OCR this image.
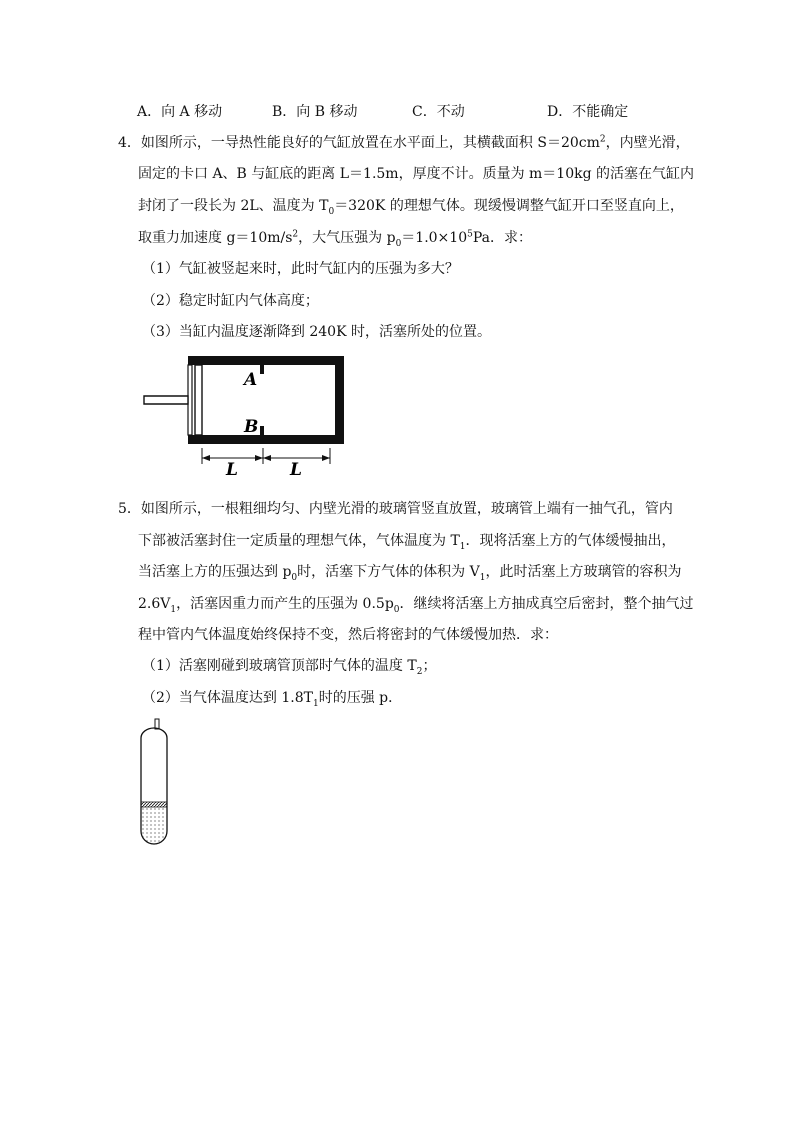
A．向 A 移动	B．向 B 移动	C．不动	D．不能确定
4．如图所示，一导热性能良好的气缸放置在水平面上，其横截面积 $S=20cm^2$，内壁光滑，
固定的卡口 A、B 与缸底的距离 L＝1.5m，厚度不计。质量为 m＝10kg 的活塞在气缸内
封闭了一段长为 2L、温度为 $T_0=320K$ 的理想气体。现缓慢调整气缸开口至竖直向上，
取重力加速度 $g=10m/s^2$，大气压强为 $p_0=1.0\times 10^5Pa$．求：
（1）气缸被竖起来时，此时气缸内的压强为多大？
（2）稳定时缸内气体高度；
（3）当缸内温度逐渐降到 240K 时，活塞所处的位置。
A
B
L	L
5．如图所示，一根粗细均匀、内壁光滑的玻璃管竖直放置，玻璃管上端有一抽气孔，管内
下部被活塞封住一定质量的理想气体，气体温度为 $T_1$．现将活塞上方的气体缓慢抽出，
当活塞上方的压强达到 $p_0$时，活塞下方气体的体积为 $V_1$，此时活塞上方玻璃管的容积为
$2.6V_1$，活塞因重力而产生的压强为 $0.5p_0$．继续将活塞上方抽成真空后密封，整个抽气过
程中管内气体温度始终保持不变，然后将密封的气体缓慢加热．求：
（1）活塞刚碰到玻璃管顶部时气体的温度 $T_2$；
（2）当气体温度达到 $1.8T_1$时的压强 p．
